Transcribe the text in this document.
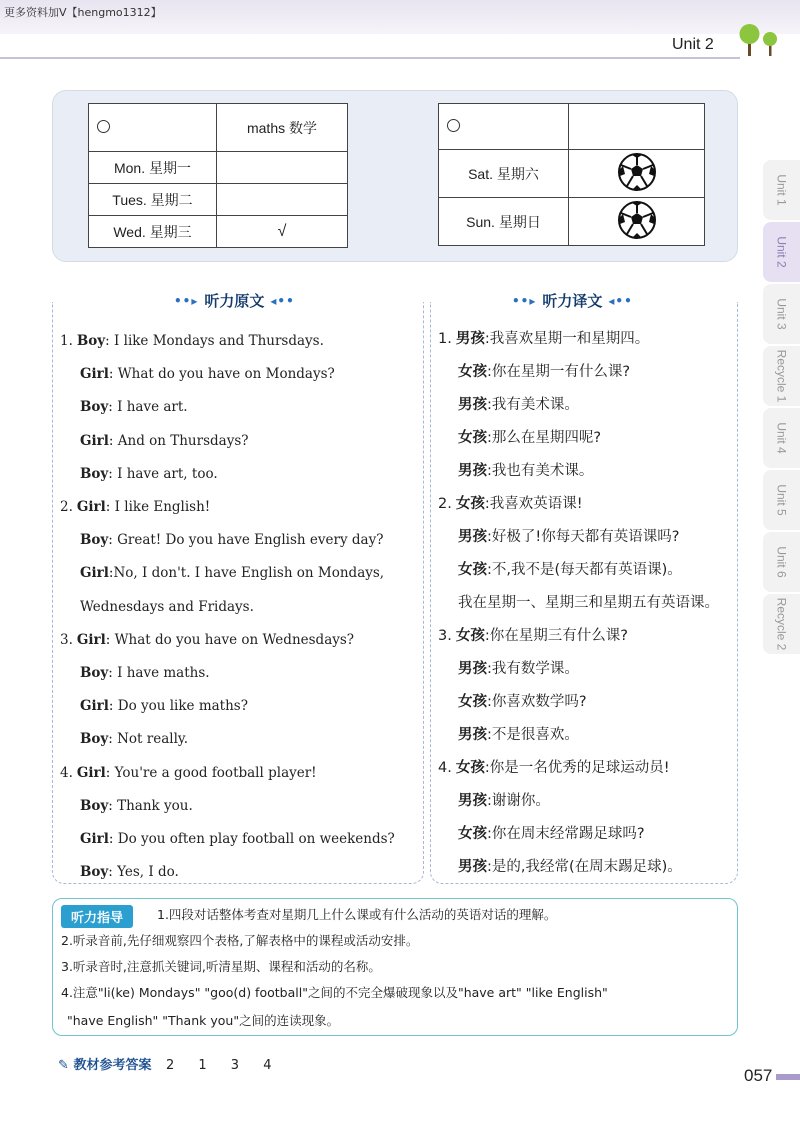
更多资料加V【hengmo1312】
Unit 2
Unit 1
Unit 2
Unit 3
Recycle 1
Unit 4
Unit 5
Unit 6
Recycle 2
	maths 数学
Mon. 星期一	
Tues. 星期二	
Wed. 星期三	√

Sat. 星期六	
Sun. 星期日	
••▸ 听力原文 ◂••	••▸ 听力译文 ◂••
1. Boy: I like Mondays and Thursdays.
Girl: What do you have on Mondays?
Boy: I have art.
Girl: And on Thursdays?
Boy: I have art, too.
2. Girl: I like English!
Boy: Great! Do you have English every day?
Girl:No, I don't. I have English on Mondays,
Wednesdays and Fridays.
3. Girl: What do you have on Wednesdays?
Boy: I have maths.
Girl: Do you like maths?
Boy: Not really.
4. Girl: You're a good football player!
Boy: Thank you.
Girl: Do you often play football on weekends?
Boy: Yes, I do.
1. 男孩:我喜欢星期一和星期四。
女孩:你在星期一有什么课?
男孩:我有美术课。
女孩:那么在星期四呢?
男孩:我也有美术课。
2. 女孩:我喜欢英语课!
男孩:好极了!你每天都有英语课吗?
女孩:不,我不是(每天都有英语课)。
我在星期一、星期三和星期五有英语课。
3. 女孩:你在星期三有什么课?
男孩:我有数学课。
女孩:你喜欢数学吗?
男孩:不是很喜欢。
4. 女孩:你是一名优秀的足球运动员!
男孩:谢谢你。
女孩:你在周末经常踢足球吗?
男孩:是的,我经常(在周末踢足球)。
听力指导	1.四段对话整体考查对星期几上什么课或有什么活动的英语对话的理解。
2.听录音前,先仔细观察四个表格,了解表格中的课程或活动安排。
3.听录音时,注意抓关键词,听清星期、课程和活动的名称。
4.注意"li(ke) Mondays" "goo(d) football"之间的不完全爆破现象以及"have art" "like English"
"have English" "Thank you"之间的连读现象。
✎ 教材参考答案 2 1 3 4
057
